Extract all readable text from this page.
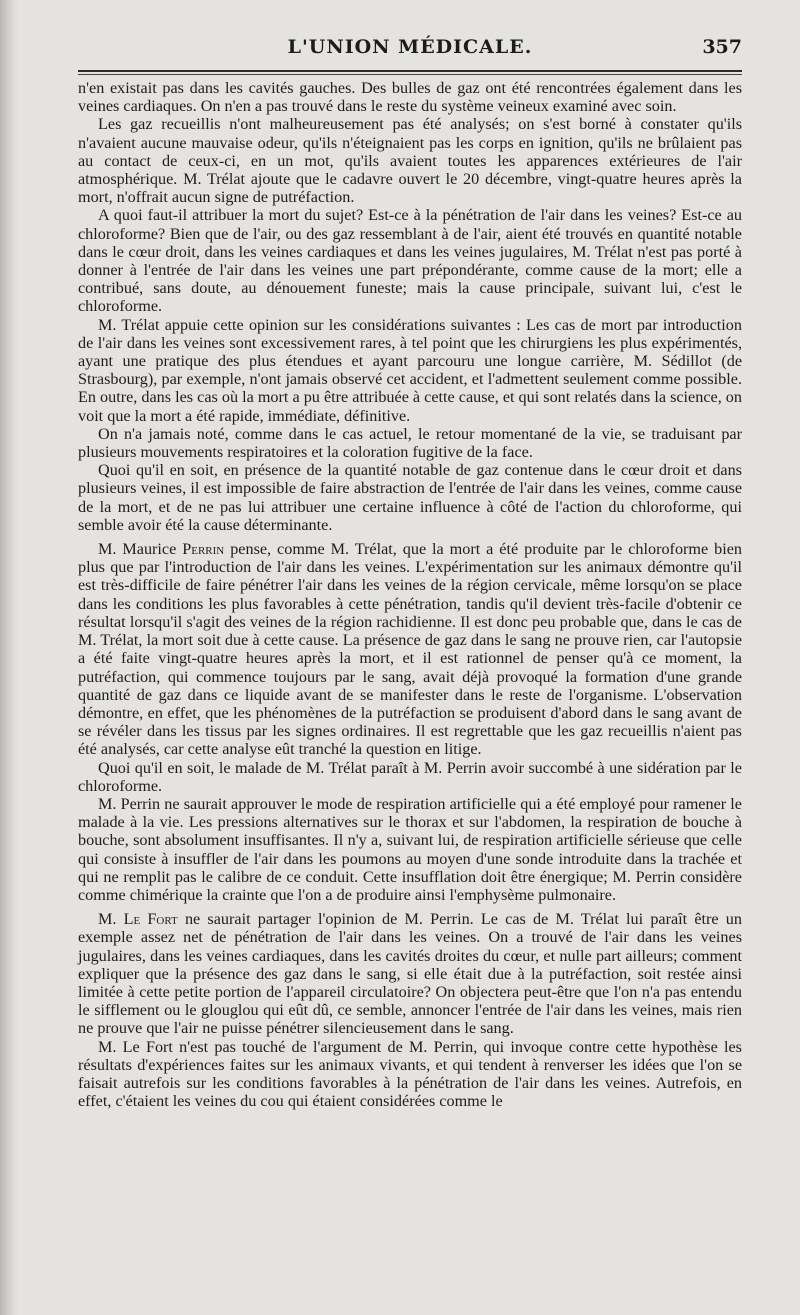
L'UNION MÉDICALE.	357

n'en existait pas dans les cavités gauches. Des bulles de gaz ont été rencontrées également dans les veines cardiaques. On n'en a pas trouvé dans le reste du système veineux examiné avec soin.

Les gaz recueillis n'ont malheureusement pas été analysés; on s'est borné à constater qu'ils n'avaient aucune mauvaise odeur, qu'ils n'éteignaient pas les corps en ignition, qu'ils ne brûlaient pas au contact de ceux-ci, en un mot, qu'ils avaient toutes les apparences extérieures de l'air atmosphérique. M. Trélat ajoute que le cadavre ouvert le 20 décembre, vingt-quatre heures après la mort, n'offrait aucun signe de putréfaction.

A quoi faut-il attribuer la mort du sujet? Est-ce à la pénétration de l'air dans les veines? Est-ce au chloroforme? Bien que de l'air, ou des gaz ressemblant à de l'air, aient été trouvés en quantité notable dans le cœur droit, dans les veines cardiaques et dans les veines jugulaires, M. Trélat n'est pas porté à donner à l'entrée de l'air dans les veines une part prépondérante, comme cause de la mort; elle a contribué, sans doute, au dénouement funeste; mais la cause principale, suivant lui, c'est le chloroforme.

M. Trélat appuie cette opinion sur les considérations suivantes : Les cas de mort par introduction de l'air dans les veines sont excessivement rares, à tel point que les chirurgiens les plus expérimentés, ayant une pratique des plus étendues et ayant parcouru une longue carrière, M. Sédillot (de Strasbourg), par exemple, n'ont jamais observé cet accident, et l'admettent seulement comme possible. En outre, dans les cas où la mort a pu être attribuée à cette cause, et qui sont relatés dans la science, on voit que la mort a été rapide, immédiate, définitive.

On n'a jamais noté, comme dans le cas actuel, le retour momentané de la vie, se traduisant par plusieurs mouvements respiratoires et la coloration fugitive de la face.

Quoi qu'il en soit, en présence de la quantité notable de gaz contenue dans le cœur droit et dans plusieurs veines, il est impossible de faire abstraction de l'entrée de l'air dans les veines, comme cause de la mort, et de ne pas lui attribuer une certaine influence à côté de l'action du chloroforme, qui semble avoir été la cause déterminante.

M. Maurice Perrin pense, comme M. Trélat, que la mort a été produite par le chloroforme bien plus que par l'introduction de l'air dans les veines. L'expérimentation sur les animaux démontre qu'il est très-difficile de faire pénétrer l'air dans les veines de la région cervicale, même lorsqu'on se place dans les conditions les plus favorables à cette pénétration, tandis qu'il devient très-facile d'obtenir ce résultat lorsqu'il s'agit des veines de la région rachidienne. Il est donc peu probable que, dans le cas de M. Trélat, la mort soit due à cette cause. La présence de gaz dans le sang ne prouve rien, car l'autopsie a été faite vingt-quatre heures après la mort, et il est rationnel de penser qu'à ce moment, la putréfaction, qui commence toujours par le sang, avait déjà provoqué la formation d'une grande quantité de gaz dans ce liquide avant de se manifester dans le reste de l'organisme. L'observation démontre, en effet, que les phénomènes de la putréfaction se produisent d'abord dans le sang avant de se révéler dans les tissus par les signes ordinaires. Il est regrettable que les gaz recueillis n'aient pas été analysés, car cette analyse eût tranché la question en litige.

Quoi qu'il en soit, le malade de M. Trélat paraît à M. Perrin avoir succombé à une sidération par le chloroforme.

M. Perrin ne saurait approuver le mode de respiration artificielle qui a été employé pour ramener le malade à la vie. Les pressions alternatives sur le thorax et sur l'abdomen, la respiration de bouche à bouche, sont absolument insuffisantes. Il n'y a, suivant lui, de respiration artificielle sérieuse que celle qui consiste à insuffler de l'air dans les poumons au moyen d'une sonde introduite dans la trachée et qui ne remplit pas le calibre de ce conduit. Cette insufflation doit être énergique; M. Perrin considère comme chimérique la crainte que l'on a de produire ainsi l'emphysème pulmonaire.

M. Le Fort ne saurait partager l'opinion de M. Perrin. Le cas de M. Trélat lui paraît être un exemple assez net de pénétration de l'air dans les veines. On a trouvé de l'air dans les veines jugulaires, dans les veines cardiaques, dans les cavités droites du cœur, et nulle part ailleurs; comment expliquer que la présence des gaz dans le sang, si elle était due à la putréfaction, soit restée ainsi limitée à cette petite portion de l'appareil circulatoire? On objectera peut-être que l'on n'a pas entendu le sifflement ou le glouglou qui eût dû, ce semble, annoncer l'entrée de l'air dans les veines, mais rien ne prouve que l'air ne puisse pénétrer silencieusement dans le sang.

M. Le Fort n'est pas touché de l'argument de M. Perrin, qui invoque contre cette hypothèse les résultats d'expériences faites sur les animaux vivants, et qui tendent à renverser les idées que l'on se faisait autrefois sur les conditions favorables à la pénétration de l'air dans les veines. Autrefois, en effet, c'étaient les veines du cou qui étaient considérées comme le
